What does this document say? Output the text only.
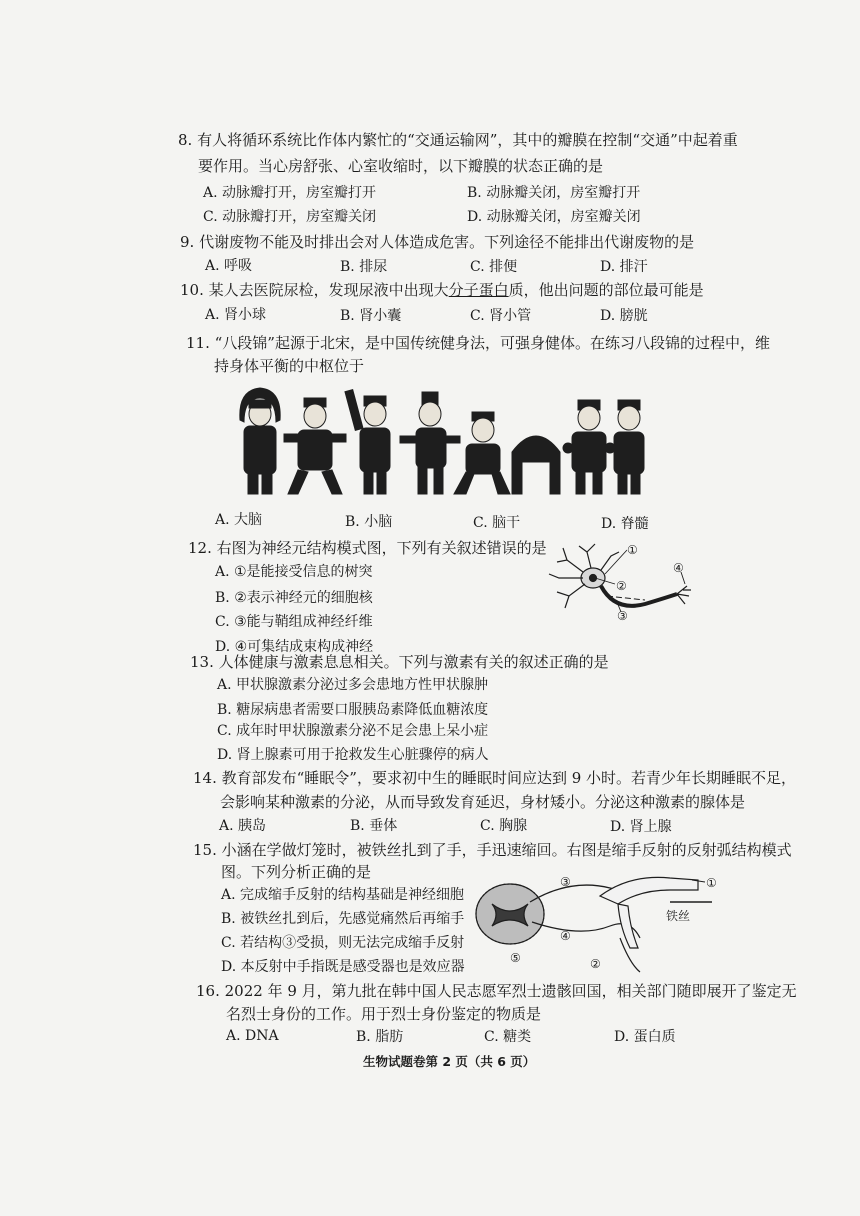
8. 有人将循环系统比作体内繁忙的“交通运输网”，其中的瓣膜在控制“交通”中起着重
要作用。当心房舒张、心室收缩时，以下瓣膜的状态正确的是
A. 动脉瓣打开，房室瓣打开	B. 动脉瓣关闭，房室瓣打开
C. 动脉瓣打开，房室瓣关闭	D. 动脉瓣关闭，房室瓣关闭
9. 代谢废物不能及时排出会对人体造成危害。下列途径不能排出代谢废物的是
A. 呼吸	B. 排尿	C. 排便	D. 排汗
10. 某人去医院尿检，发现尿液中出现大分子蛋白质，他出问题的部位最可能是
A. 肾小球	B. 肾小囊	C. 肾小管	D. 膀胱
11. “八段锦”起源于北宋，是中国传统健身法，可强身健体。在练习八段锦的过程中，维
持身体平衡的中枢位于
A. 大脑	B. 小脑	C. 脑干	D. 脊髓
12. 右图为神经元结构模式图，下列有关叙述错误的是
A. ①是能接受信息的树突
B. ②表示神经元的细胞核
C. ③能与鞘组成神经纤维
D. ④可集结成束构成神经
①
②
③
④
13. 人体健康与激素息息相关。下列与激素有关的叙述正确的是
A. 甲状腺激素分泌过多会患地方性甲状腺肿
B. 糖尿病患者需要口服胰岛素降低血糖浓度
C. 成年时甲状腺激素分泌不足会患上呆小症
D. 肾上腺素可用于抢救发生心脏骤停的病人
14. 教育部发布“睡眠令”，要求初中生的睡眠时间应达到 9 小时。若青少年长期睡眠不足，
会影响某种激素的分泌，从而导致发育延迟，身材矮小。分泌这种激素的腺体是
A. 胰岛	B. 垂体	C. 胸腺	D. 肾上腺
15. 小涵在学做灯笼时，被铁丝扎到了手，手迅速缩回。右图是缩手反射的反射弧结构模式
图。下列分析正确的是
A. 完成缩手反射的结构基础是神经细胞
B. 被铁丝扎到后，先感觉痛然后再缩手
C. 若结构③受损，则无法完成缩手反射
D. 本反射中手指既是感受器也是效应器
①
②
③
④
⑤
铁丝
16. 2022 年 9 月，第九批在韩中国人民志愿军烈士遗骸回国，相关部门随即展开了鉴定无
名烈士身份的工作。用于烈士身份鉴定的物质是
A. DNA	B. 脂肪	C. 糖类	D. 蛋白质
生物试题卷第 2 页（共 6 页）
